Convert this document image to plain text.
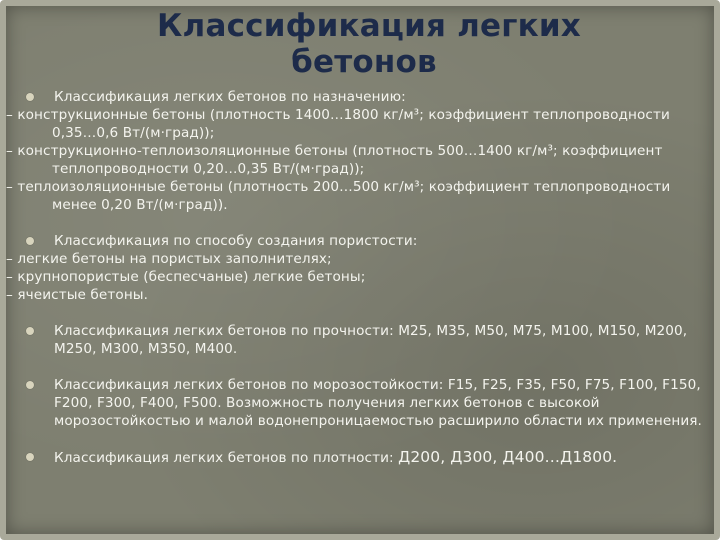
Классификация легких
бетонов
Классификация легких бетонов по назначению:
– конструкционные бетоны (плотность 1400…1800 кг/м³; коэффициент теплопроводности 0,35…0,6 Вт/(м·град));
– конструкционно-теплоизоляционные бетоны (плотность 500…1400 кг/м³; коэффициент теплопроводности 0,20…0,35 Вт/(м·град));
– теплоизоляционные бетоны (плотность 200…500 кг/м³; коэффициент теплопроводности менее 0,20 Вт/(м·град)).
Классификация по способу создания пористости:
– легкие бетоны на пористых заполнителях;
– крупнопористые (беспесчаные) легкие бетоны;
– ячеистые бетоны.
Классификация легких бетонов по прочности: М25, М35, М50, М75, М100, М150, М200, М250, М300, М350, М400.
Классификация легких бетонов по морозостойкости: F15, F25, F35, F50, F75, F100, F150, F200, F300, F400, F500. Возможность получения легких бетонов с высокой морозостойкостью и малой водонепроницаемостью расширило области их применения.
Классификация легких бетонов по плотности: Д200, Д300, Д400…Д1800.
